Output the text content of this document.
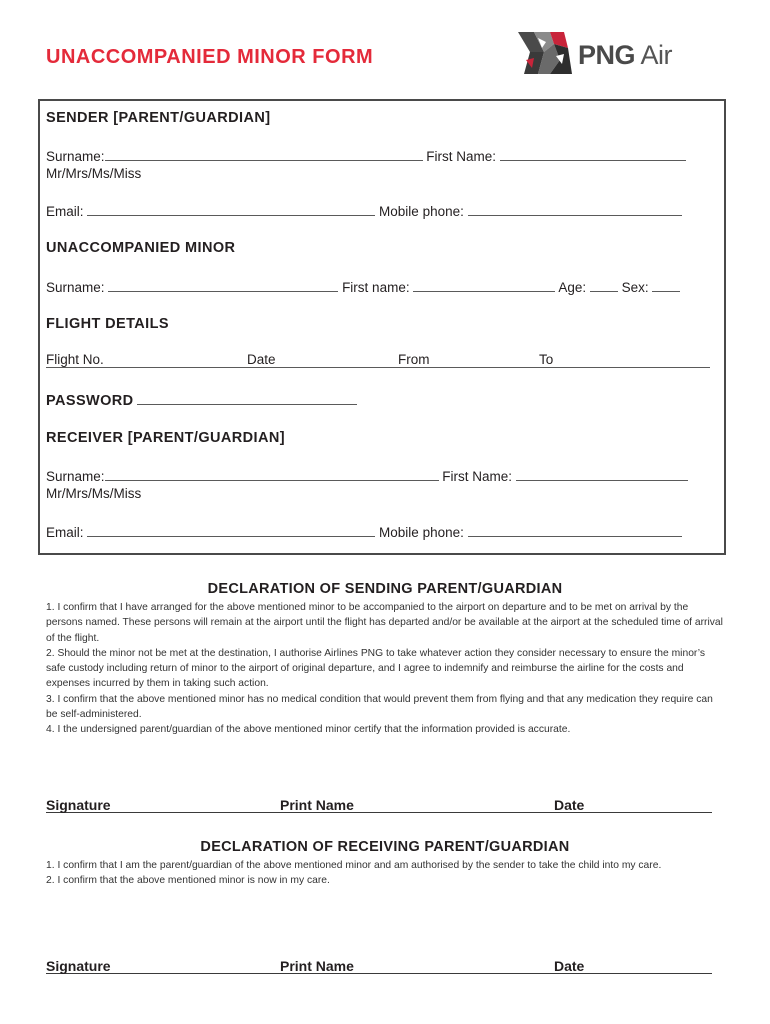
UNACCOMPANIED MINOR FORM	PNG Air
SENDER [PARENT/GUARDIAN]
Surname:	First Name:
Mr/Mrs/Ms/Miss
Email:	Mobile phone:
UNACCOMPANIED MINOR
Surname:	First name:	Age:	Sex:
FLIGHT DETAILS
Flight No.	Date	From	To
PASSWORD
RECEIVER [PARENT/GUARDIAN]
Surname:	First Name:
Mr/Mrs/Ms/Miss
Email:	Mobile phone:
DECLARATION OF SENDING PARENT/GUARDIAN

1. I confirm that I have arranged for the above mentioned minor to be accompanied to the airport on departure and to be met on arrival by the persons named. These persons will remain at the airport until the flight has departed and/or be available at the airport at the scheduled time of arrival of the flight.

2. Should the minor not be met at the destination, I authorise Airlines PNG to take whatever action they consider necessary to ensure the minor’s safe custody including return of minor to the airport of original departure, and I agree to indemnify and reimburse the airline for the costs and expenses incurred by them in taking such action.

3. I confirm that the above mentioned minor has no medical condition that would prevent them from flying and that any medication they require can be self-administered.

4. I the undersigned parent/guardian of the above mentioned minor certify that the information provided is accurate.

Signature	Print Name	Date
DECLARATION OF RECEIVING PARENT/GUARDIAN

1. I confirm that I am the parent/guardian of the above mentioned minor and am authorised by the sender to take the child into my care.

2. I confirm that the above mentioned minor is now in my care.

Signature	Print Name	Date
